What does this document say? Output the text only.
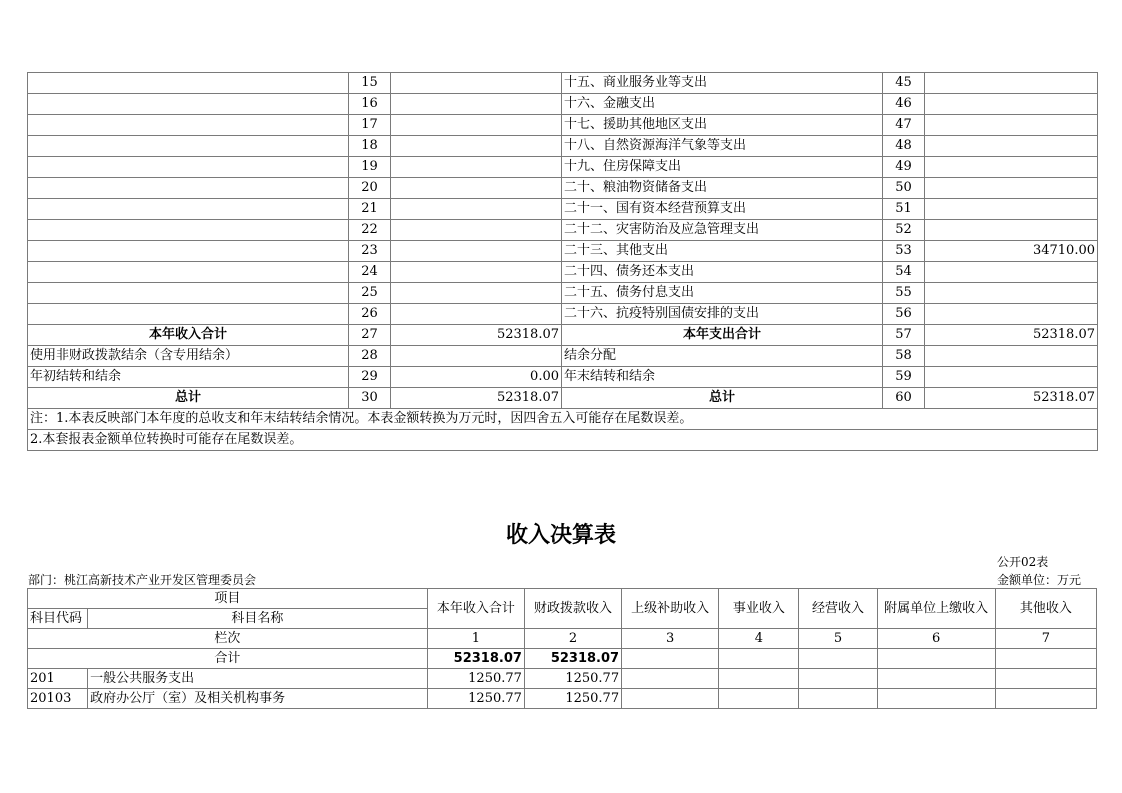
	15		十五、商业服务业等支出	45	
	16		十六、金融支出	46	
	17		十七、援助其他地区支出	47	
	18		十八、自然资源海洋气象等支出	48	
	19		十九、住房保障支出	49	
	20		二十、粮油物资储备支出	50	
	21		二十一、国有资本经营预算支出	51	
	22		二十二、灾害防治及应急管理支出	52	
	23		二十三、其他支出	53	34710.00
	24		二十四、债务还本支出	54	
	25		二十五、债务付息支出	55	
	26		二十六、抗疫特别国债安排的支出	56	
本年收入合计	27	52318.07	本年支出合计	57	52318.07
使用非财政拨款结余（含专用结余）	28		结余分配	58	
年初结转和结余	29	0.00	年末结转和结余	59	
总计	30	52318.07	总计	60	52318.07
注：1.本表反映部门本年度的总收支和年末结转结余情况。本表金额转换为万元时，因四舍五入可能存在尾数误差。					
2.本套报表金额单位转换时可能存在尾数误差。					
收入决算表
公开02表
部门：桃江高新技术产业开发区管理委员会	金额单位：万元
项目		本年收入合计	财政拨款收入	上级补助收入	事业收入	经营收入	附属单位上缴收入	其他收入
科目代码	科目名称							
栏次		1	2	3	4	5	6	7
合计		52318.07	52318.07					
201	一般公共服务支出	1250.77	1250.77					
20103	政府办公厅（室）及相关机构事务	1250.77	1250.77					
